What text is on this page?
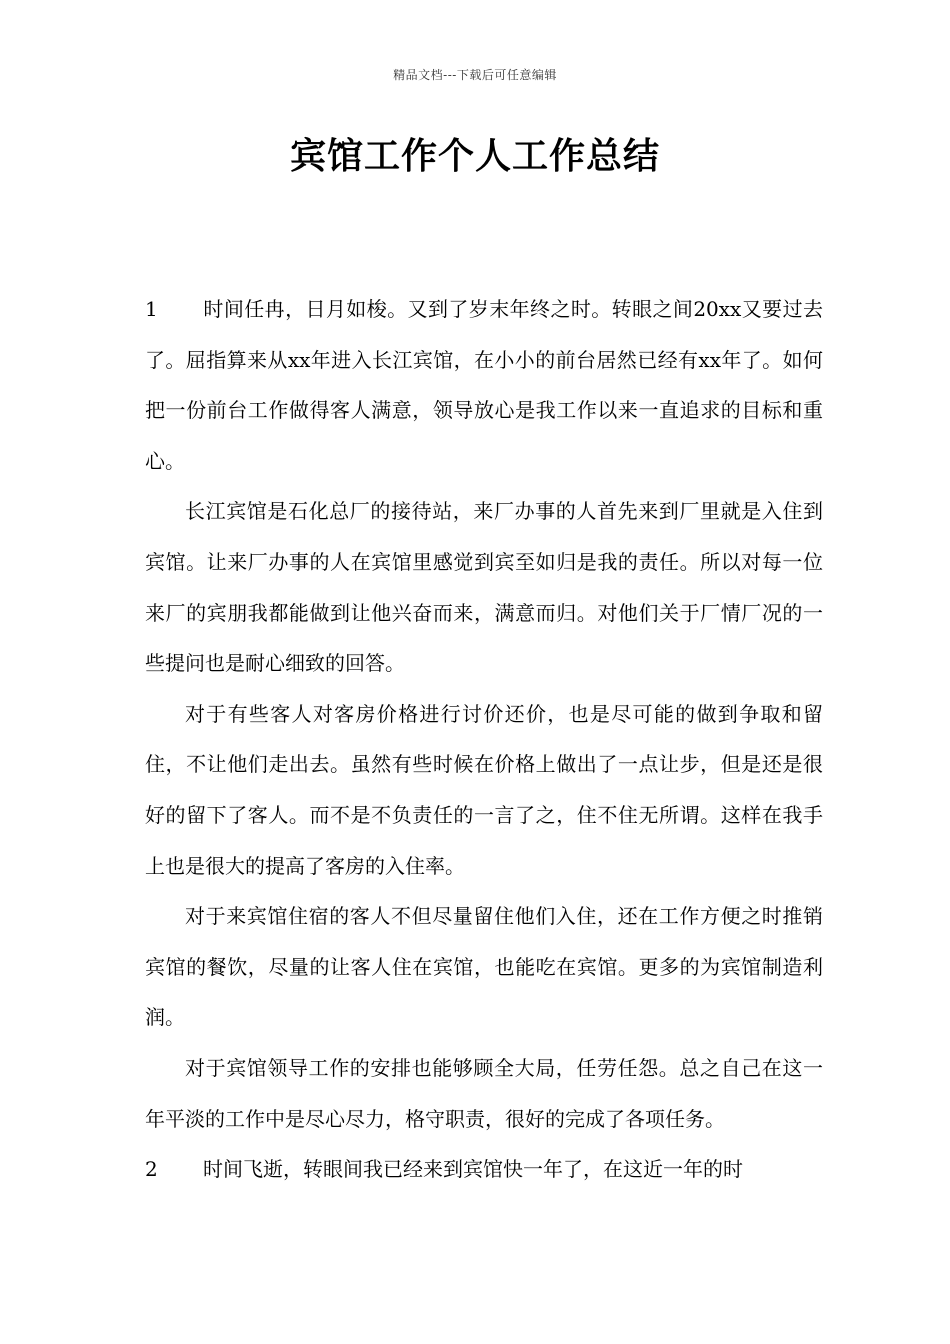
精品文档---下载后可任意编辑
宾馆工作个人工作总结

1 时间任冉，日月如梭。又到了岁末年终之时。转眼之间20xx又要过去了。屈指算来从xx年进入长江宾馆，在小小的前台居然已经有xx年了。如何把一份前台工作做得客人满意，领导放心是我工作以来一直追求的目标和重心。

长江宾馆是石化总厂的接待站，来厂办事的人首先来到厂里就是入住到宾馆。让来厂办事的人在宾馆里感觉到宾至如归是我的责任。所以对每一位来厂的宾朋我都能做到让他兴奋而来，满意而归。对他们关于厂情厂况的一些提问也是耐心细致的回答。

对于有些客人对客房价格进行讨价还价，也是尽可能的做到争取和留住，不让他们走出去。虽然有些时候在价格上做出了一点让步，但是还是很好的留下了客人。而不是不负责任的一言了之，住不住无所谓。这样在我手上也是很大的提高了客房的入住率。

对于来宾馆住宿的客人不但尽量留住他们入住，还在工作方便之时推销宾馆的餐饮，尽量的让客人住在宾馆，也能吃在宾馆。更多的为宾馆制造利润。

对于宾馆领导工作的安排也能够顾全大局，任劳任怨。总之自己在这一年平淡的工作中是尽心尽力，格守职责，很好的完成了各项任务。

2 时间飞逝，转眼间我已经来到宾馆快一年了，在这近一年的时
